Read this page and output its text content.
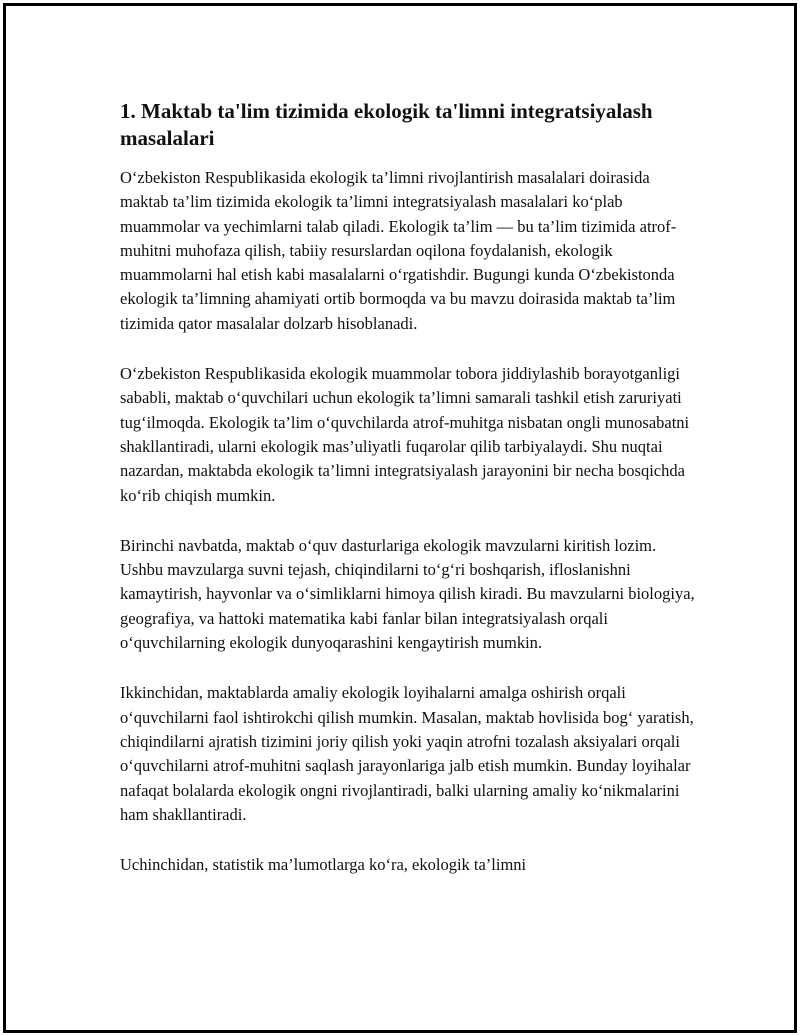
1. Maktab ta'lim tizimida ekologik ta'limni integratsiyalash masalalari

O‘zbekiston Respublikasida ekologik ta’limni rivojlantirish masalalari doirasida maktab ta’lim tizimida ekologik ta’limni integratsiyalash masalalari ko‘plab muammolar va yechimlarni talab qiladi. Ekologik ta’lim — bu ta’lim tizimida atrof-muhitni muhofaza qilish, tabiiy resurslardan oqilona foydalanish, ekologik muammolarni hal etish kabi masalalarni o‘rgatishdir. Bugungi kunda O‘zbekistonda ekologik ta’limning ahamiyati ortib bormoqda va bu mavzu doirasida maktab ta’lim tizimida qator masalalar dolzarb hisoblanadi.

O‘zbekiston Respublikasida ekologik muammolar tobora jiddiylashib borayotganligi sababli, maktab o‘quvchilari uchun ekologik ta’limni samarali tashkil etish zaruriyati tug‘ilmoqda. Ekologik ta’lim o‘quvchilarda atrof-muhitga nisbatan ongli munosabatni shakllantiradi, ularni ekologik mas’uliyatli fuqarolar qilib tarbiyalaydi. Shu nuqtai nazardan, maktabda ekologik ta’limni integratsiyalash jarayonini bir necha bosqichda ko‘rib chiqish mumkin.

Birinchi navbatda, maktab o‘quv dasturlariga ekologik mavzularni kiritish lozim. Ushbu mavzularga suvni tejash, chiqindilarni to‘g‘ri boshqarish, ifloslanishni kamaytirish, hayvonlar va o‘simliklarni himoya qilish kiradi. Bu mavzularni biologiya, geografiya, va hattoki matematika kabi fanlar bilan integratsiyalash orqali o‘quvchilarning ekologik dunyoqarashini kengaytirish mumkin.

Ikkinchidan, maktablarda amaliy ekologik loyihalarni amalga oshirish orqali o‘quvchilarni faol ishtirokchi qilish mumkin. Masalan, maktab hovlisida bog‘ yaratish, chiqindilarni ajratish tizimini joriy qilish yoki yaqin atrofni tozalash aksiyalari orqali o‘quvchilarni atrof-muhitni saqlash jarayonlariga jalb etish mumkin. Bunday loyihalar nafaqat bolalarda ekologik ongni rivojlantiradi, balki ularning amaliy ko‘nikmalarini ham shakllantiradi.

Uchinchidan, statistik ma’lumotlarga ko‘ra, ekologik ta’limni
